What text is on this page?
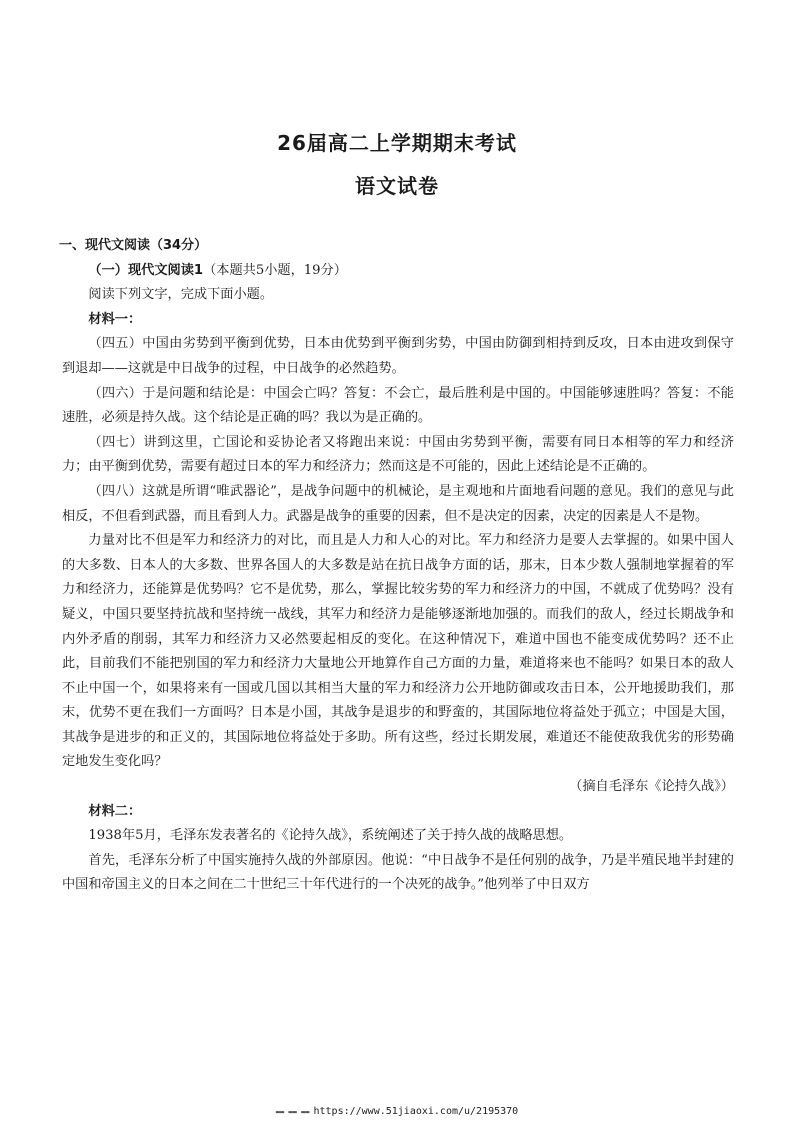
26届高二上学期期末考试
语文试卷

一、现代文阅读（34分）

（一）现代文阅读1（本题共5小题，19分）

阅读下列文字，完成下面小题。

材料一：

（四五）中国由劣势到平衡到优势，日本由优势到平衡到劣势，中国由防御到相持到反攻，日本由进攻到保守到退却——这就是中日战争的过程，中日战争的必然趋势。

（四六）于是问题和结论是：中国会亡吗？答复：不会亡，最后胜利是中国的。中国能够速胜吗？答复：不能速胜，必须是持久战。这个结论是正确的吗？我以为是正确的。

（四七）讲到这里，亡国论和妥协论者又将跑出来说：中国由劣势到平衡，需要有同日本相等的军力和经济力；由平衡到优势，需要有超过日本的军力和经济力；然而这是不可能的，因此上述结论是不正确的。

（四八）这就是所谓“唯武器论”，是战争问题中的机械论，是主观地和片面地看问题的意见。我们的意见与此相反，不但看到武器，而且看到人力。武器是战争的重要的因素，但不是决定的因素，决定的因素是人不是物。

力量对比不但是军力和经济力的对比，而且是人力和人心的对比。军力和经济力是要人去掌握的。如果中国人的大多数、日本人的大多数、世界各国人的大多数是站在抗日战争方面的话，那末，日本少数人强制地掌握着的军力和经济力，还能算是优势吗？它不是优势，那么，掌握比较劣势的军力和经济力的中国，不就成了优势吗？没有疑义，中国只要坚持抗战和坚持统一战线，其军力和经济力是能够逐渐地加强的。而我们的敌人，经过长期战争和内外矛盾的削弱，其军力和经济力又必然要起相反的变化。在这种情况下，难道中国也不能变成优势吗？还不止此，目前我们不能把别国的军力和经济力大量地公开地算作自己方面的力量，难道将来也不能吗？如果日本的敌人不止中国一个，如果将来有一国或几国以其相当大量的军力和经济力公开地防御或攻击日本，公开地援助我们，那末，优势不更在我们一方面吗？日本是小国，其战争是退步的和野蛮的，其国际地位将益处于孤立；中国是大国，其战争是进步的和正义的，其国际地位将益处于多助。所有这些，经过长期发展，难道还不能使敌我优劣的形势确定地发生变化吗？

（摘自毛泽东《论持久战》）

材料二：

1938年5月，毛泽东发表著名的《论持久战》，系统阐述了关于持久战的战略思想。

首先，毛泽东分析了中国实施持久战的外部原因。他说：“中日战争不是任何别的战争，乃是半殖民地半封建的中国和帝国主义的日本之间在二十世纪三十年代进行的一个决死的战争。”他列举了中日双方

▬▬ ▬▬ ▬▬ https://www.51jiaoxi.com/u/2195370
